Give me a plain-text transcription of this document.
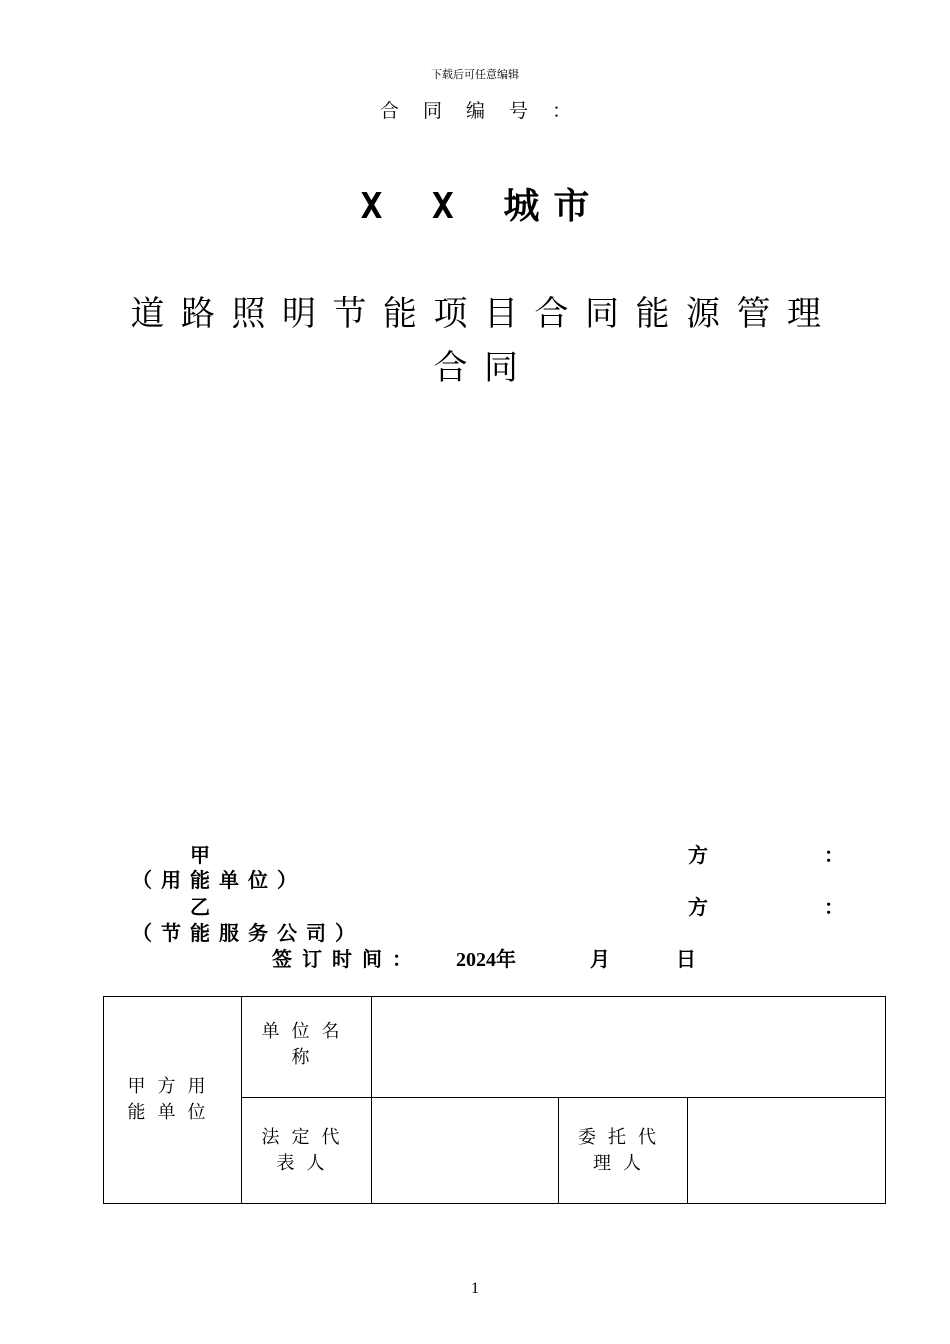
下载后可任意编辑
合 同 编 号 ：
X X 城市
道路照明节能项目合同能源管理
合同
甲	方	：
（用能单位）
乙	方	：
（节能服务公司）
签订时间： 2024年	月	日
甲方用能单位	单位名称			
	法定代表人		委托代理人	
1
